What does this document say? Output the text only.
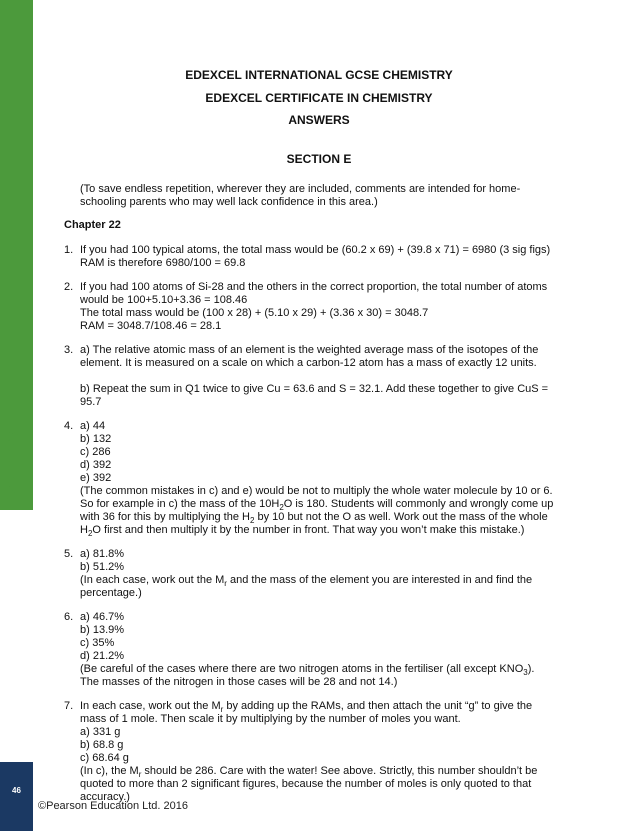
46
©Pearson Education Ltd. 2016
EDEXCEL INTERNATIONAL GCSE CHEMISTRY
EDEXCEL CERTIFICATE IN CHEMISTRY
ANSWERS
SECTION E
(To save endless repetition, wherever they are included, comments are intended for home-
schooling parents who may well lack confidence in this area.)
Chapter 22
1. If you had 100 typical atoms, the total mass would be (60.2 x 69) + (39.8 x 71) = 6980 (3 sig figs)
RAM is therefore 6980/100 = 69.8
2. If you had 100 atoms of Si-28 and the others in the correct proportion, the total number of atoms
would be 100+5.10+3.36 = 108.46
The total mass would be (100 x 28) + (5.10 x 29) + (3.36 x 30) = 3048.7
RAM = 3048.7/108.46 = 28.1
3. a) The relative atomic mass of an element is the weighted average mass of the isotopes of the
element. It is measured on a scale on which a carbon-12 atom has a mass of exactly 12 units.
b) Repeat the sum in Q1 twice to give Cu = 63.6 and S = 32.1. Add these together to give CuS =
95.7
4. a) 44
b) 132
c) 286
d) 392
e) 392
(The common mistakes in c) and e) would be not to multiply the whole water molecule by 10 or 6.
So for example in c) the mass of the $10H_2O$ is 180. Students will commonly and wrongly come up
with 36 for this by multiplying the $H_2$ by 10 but not the O as well. Work out the mass of the whole
$H_2O$ first and then multiply it by the number in front. That way you won’t make this mistake.)
5. a) 81.8%
b) 51.2%
(In each case, work out the $M_r$ and the mass of the element you are interested in and find the
percentage.)
6. a) 46.7%
b) 13.9%
c) 35%
d) 21.2%
(Be careful of the cases where there are two nitrogen atoms in the fertiliser (all except $KNO_3$).
The masses of the nitrogen in those cases will be 28 and not 14.)
7. In each case, work out the $M_r$ by adding up the RAMs, and then attach the unit “g” to give the
mass of 1 mole. Then scale it by multiplying by the number of moles you want.
a) 331 g
b) 68.8 g
c) 68.64 g
(In c), the $M_r$ should be 286. Care with the water! See above. Strictly, this number shouldn’t be
quoted to more than 2 significant figures, because the number of moles is only quoted to that
accuracy.)
